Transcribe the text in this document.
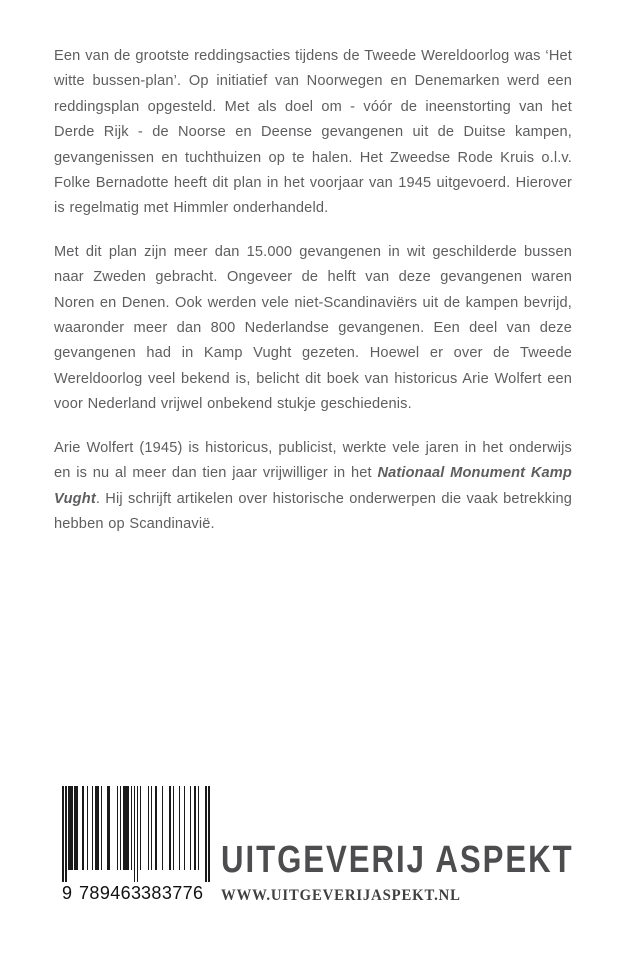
Een van de grootste reddingsacties tijdens de Tweede Wereldoorlog was ‘Het witte bussen-plan’. Op initiatief van Noorwegen en Denemarken werd een reddingsplan opgesteld. Met als doel om - vóór de ineenstorting van het Derde Rijk - de Noorse en Deense gevangenen uit de Duitse kampen, gevangenissen en tuchthuizen op te halen. Het Zweedse Rode Kruis o.l.v. Folke Bernadotte heeft dit plan in het voorjaar van 1945 uitgevoerd. Hierover is regelmatig met Himmler onderhandeld.

Met dit plan zijn meer dan 15.000 gevangenen in wit geschilderde bussen naar Zweden gebracht. Ongeveer de helft van deze gevangenen waren Noren en Denen. Ook werden vele niet-Scandinaviërs uit de kampen bevrijd, waaronder meer dan 800 Nederlandse gevangenen. Een deel van deze gevangenen had in Kamp Vught gezeten. Hoewel er over de Tweede Wereldoorlog veel bekend is, belicht dit boek van historicus Arie Wolfert een voor Nederland vrijwel onbekend stukje geschiedenis.

Arie Wolfert (1945) is historicus, publicist, werkte vele jaren in het onderwijs en is nu al meer dan tien jaar vrijwilliger in het Nationaal Monument Kamp Vught. Hij schrijft artikelen over historische onderwerpen die vaak betrekking hebben op Scandinavië.

9 789463 383776
UITGEVERIJ ASPEKT
WWW.UITGEVERIJASPEKT.NL
